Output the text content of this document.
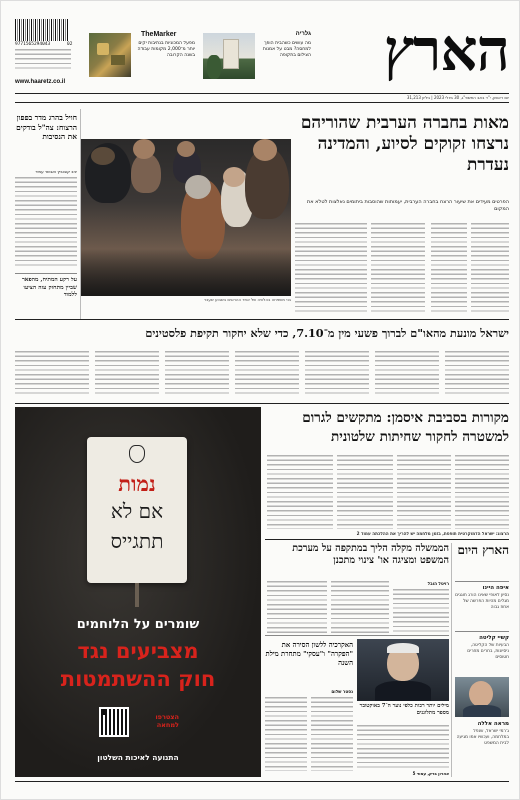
9771565294043	02
www.haaretz.co.il
TheMarker
מפעל המכוניות בנתיבות יקים יותר מ־2,000 מקומות עבודה בשנה הקרובה
גלריה
מה עושים כשהבית הופך למחסה? מבט על אמנות הצילום בתקופה	הארץ
יום ראשון, י"ד באב התשפ"ג, 30 ביולי 2023 | גיליון 31,213
מאות בחברה הערבית שהוריהם נרצחו זקוקים לסיוע, והמדינה נעדרת
הפרטים מעידים את שיעור הרצח בחברה הערבית, יעמותות שהוסבות ביתומים נאלצות לטלא את המקום
בני משפחה בהלוויה של אחד ההרוגים בשבוע שעבר
חויל בהרג מדר בפפון הרצוח: צה"ל בודקים את הנסיבות
יניב קובוביץ ואבשר עמיר
על רקע המתיח, מהפאר שביין מתחזק עזה הציעו ללמוד
ישראל מונעת מהאו"ם לברוך פשעי מין מ־7.10, כדי שלא יחקור תקיפת פלסטינים
נמות
אם לא
תתגייס
שומרים על הלוחמים
מצביעים נגד
חוק ההשתמטות
הצטרפו למחאה
התנועה לאיכות השלטון
מקורות בסביבת איסמן: מתקשים לגרום למשטרה לחקור שחיתות שלטונית
הרצוג: ישראל הדמוקרטית תופסת, בזמן מלחמה יש להריך את ההלכתה עמוד 2
הארץ היום
איפה היינו
נסיון לאופי שאינו הורג חוגגים מגלים מהיות הפרשה של אחוז גבוה
קשיי קליטה
הבעיות של הקליטה, ניסיונות, בחרים מחרים חטוסים
מראה אללה
ג'רמי ישראל, שנפל במלחמה, ועכשיו אמו מגיעה לבית המשפט
הממשלה מקלה הליך במתקפה על מערכת המשפט ומציגה או' צינוי מתכנן
רויטל הובל
מילים יותר רכות כלפי נוער ה־7 באוקטובר מספר מתלוננים
אהרון ברק, עמוד 5
האקרכיה ללשון הסירה את "הפקרה" ו"עסקי" מתחרת מילת השנה
נסטר שלום
